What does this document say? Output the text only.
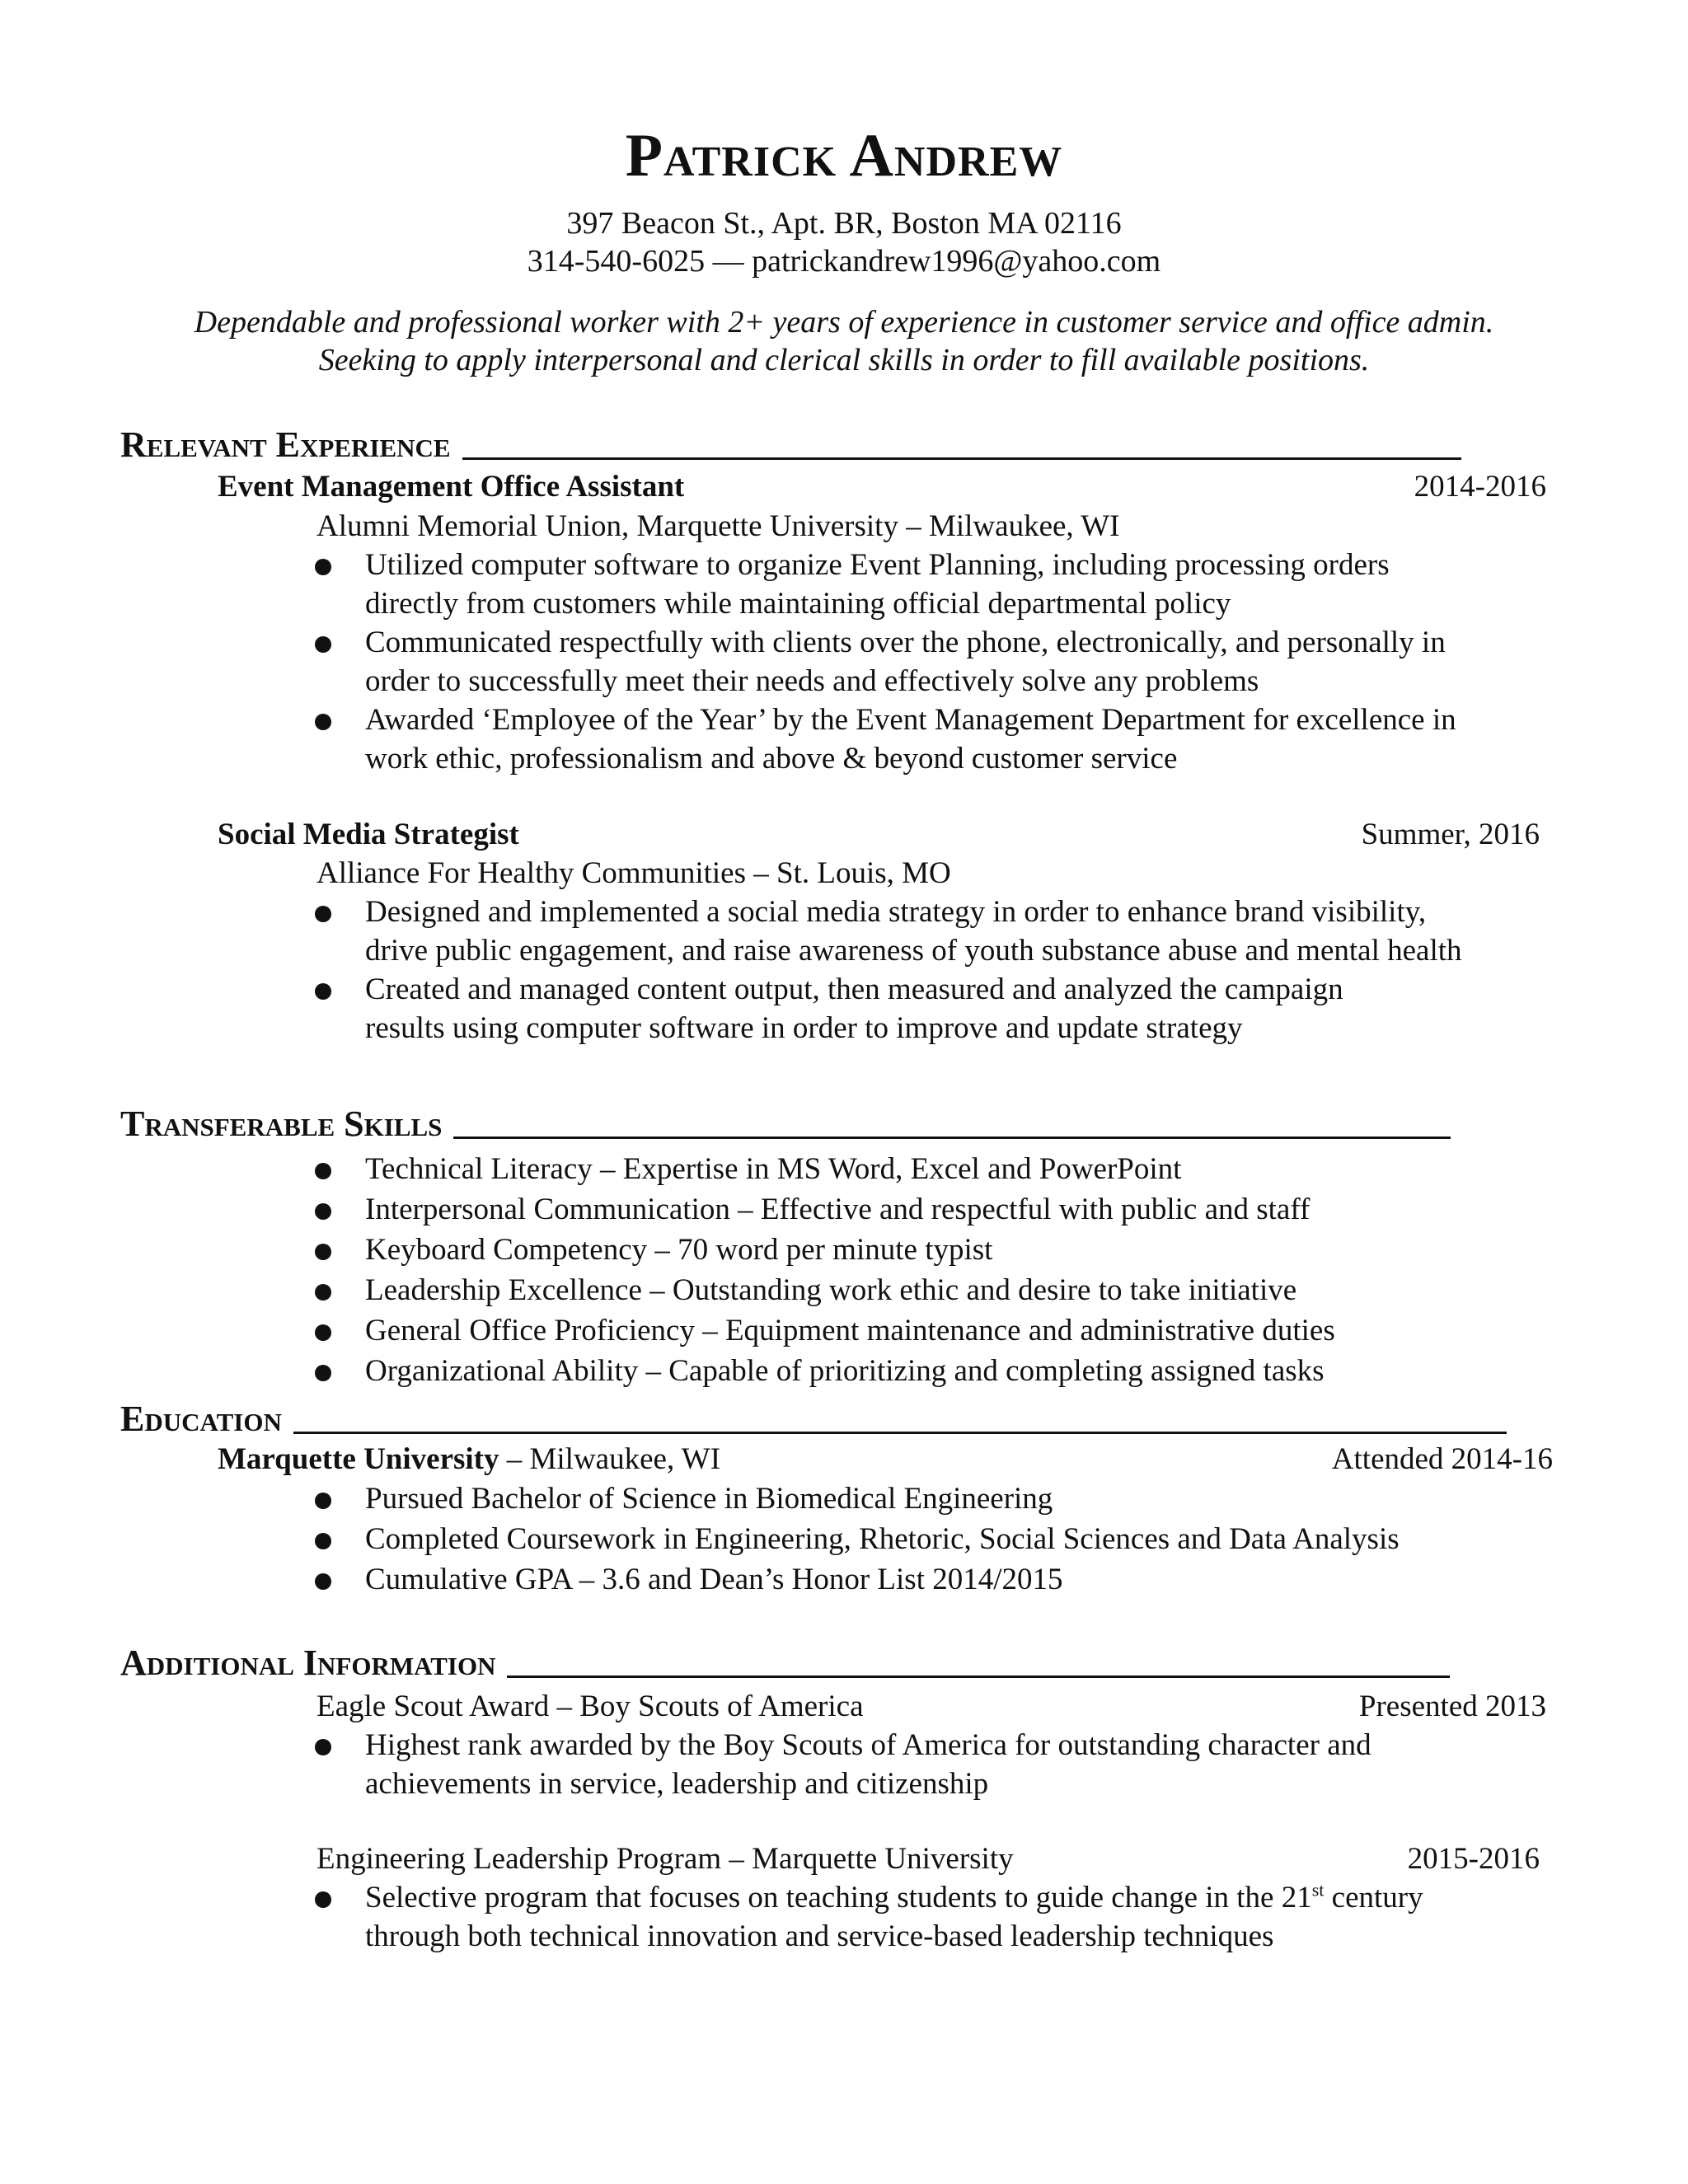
Patrick Andrew
397 Beacon St., Apt. BR, Boston MA 02116
314-540-6025 — patrickandrew1996@yahoo.com
Dependable and professional worker with 2+ years of experience in customer service and office admin.
Seeking to apply interpersonal and clerical skills in order to fill available positions.
Relevant Experience
Event Management Office Assistant	2014-2016
Alumni Memorial Union, Marquette University – Milwaukee, WI
Utilized computer software to organize Event Planning, including processing orders
directly from customers while maintaining official departmental policy
Communicated respectfully with clients over the phone, electronically, and personally in
order to successfully meet their needs and effectively solve any problems
Awarded ‘Employee of the Year’ by the Event Management Department for excellence in
work ethic, professionalism and above & beyond customer service
Social Media Strategist	Summer, 2016
Alliance For Healthy Communities – St. Louis, MO
Designed and implemented a social media strategy in order to enhance brand visibility,
drive public engagement, and raise awareness of youth substance abuse and mental health
Created and managed content output, then measured and analyzed the campaign
results using computer software in order to improve and update strategy
Transferable Skills
Technical Literacy – Expertise in MS Word, Excel and PowerPoint
Interpersonal Communication – Effective and respectful with public and staff
Keyboard Competency – 70 word per minute typist
Leadership Excellence – Outstanding work ethic and desire to take initiative
General Office Proficiency – Equipment maintenance and administrative duties
Organizational Ability – Capable of prioritizing and completing assigned tasks
Education
Marquette University – Milwaukee, WI	Attended 2014-16
Pursued Bachelor of Science in Biomedical Engineering
Completed Coursework in Engineering, Rhetoric, Social Sciences and Data Analysis
Cumulative GPA – 3.6 and Dean’s Honor List 2014/2015
Additional Information
Eagle Scout Award – Boy Scouts of America	Presented 2013
Highest rank awarded by the Boy Scouts of America for outstanding character and
achievements in service, leadership and citizenship
Engineering Leadership Program – Marquette University	2015-2016
Selective program that focuses on teaching students to guide change in the 21st century
through both technical innovation and service-based leadership techniques
